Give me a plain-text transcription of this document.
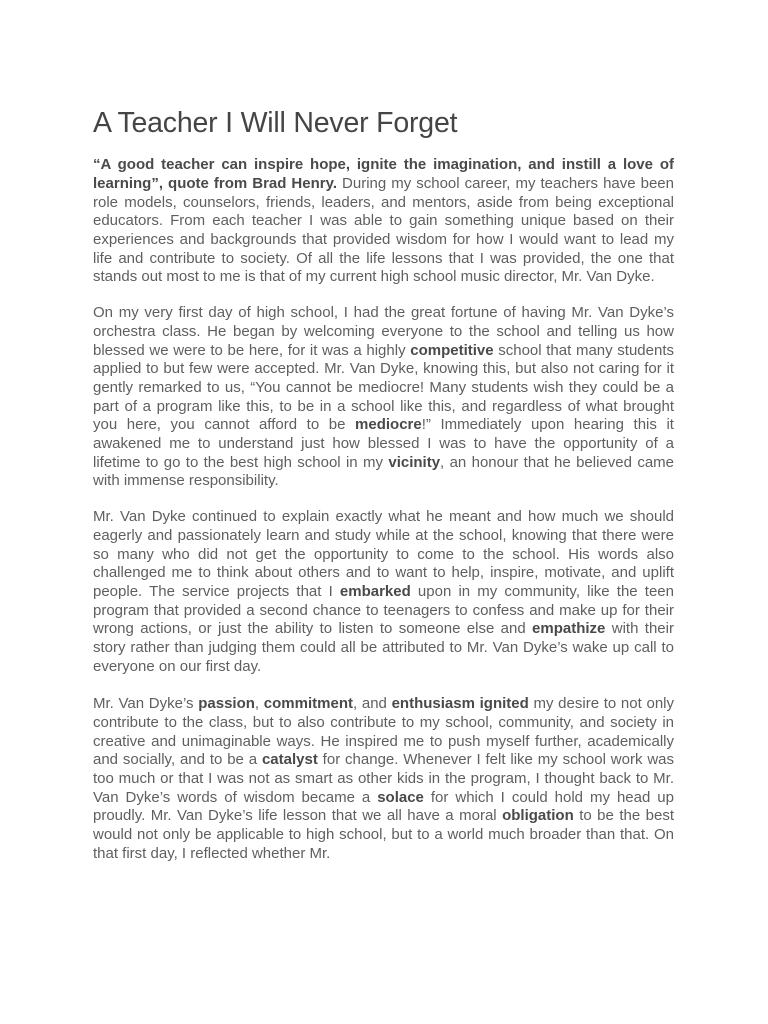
A Teacher I Will Never Forget

“A good teacher can inspire hope, ignite the imagination, and instill a love of learning”, quote from Brad Henry. During my school career, my teachers have been role models, counselors, friends, leaders, and mentors, aside from being exceptional educators. From each teacher I was able to gain something unique based on their experiences and backgrounds that provided wisdom for how I would want to lead my life and contribute to society. Of all the life lessons that I was provided, the one that stands out most to me is that of my current high school music director, Mr. Van Dyke.

On my very first day of high school, I had the great fortune of having Mr. Van Dyke’s orchestra class. He began by welcoming everyone to the school and telling us how blessed we were to be here, for it was a highly competitive school that many students applied to but few were accepted. Mr. Van Dyke, knowing this, but also not caring for it gently remarked to us, “You cannot be mediocre! Many students wish they could be a part of a program like this, to be in a school like this, and regardless of what brought you here, you cannot afford to be mediocre!” Immediately upon hearing this it awakened me to understand just how blessed I was to have the opportunity of a lifetime to go to the best high school in my vicinity, an honour that he believed came with immense responsibility.

Mr. Van Dyke continued to explain exactly what he meant and how much we should eagerly and passionately learn and study while at the school, knowing that there were so many who did not get the opportunity to come to the school. His words also challenged me to think about others and to want to help, inspire, motivate, and uplift people. The service projects that I embarked upon in my community, like the teen program that provided a second chance to teenagers to confess and make up for their wrong actions, or just the ability to listen to someone else and empathize with their story rather than judging them could all be attributed to Mr. Van Dyke’s wake up call to everyone on our first day.

Mr. Van Dyke’s passion, commitment, and enthusiasm ignited my desire to not only contribute to the class, but to also contribute to my school, community, and society in creative and unimaginable ways. He inspired me to push myself further, academically and socially, and to be a catalyst for change. Whenever I felt like my school work was too much or that I was not as smart as other kids in the program, I thought back to Mr. Van Dyke’s words of wisdom became a solace for which I could hold my head up proudly. Mr. Van Dyke’s life lesson that we all have a moral obligation to be the best would not only be applicable to high school, but to a world much broader than that. On that first day, I reflected whether Mr.
